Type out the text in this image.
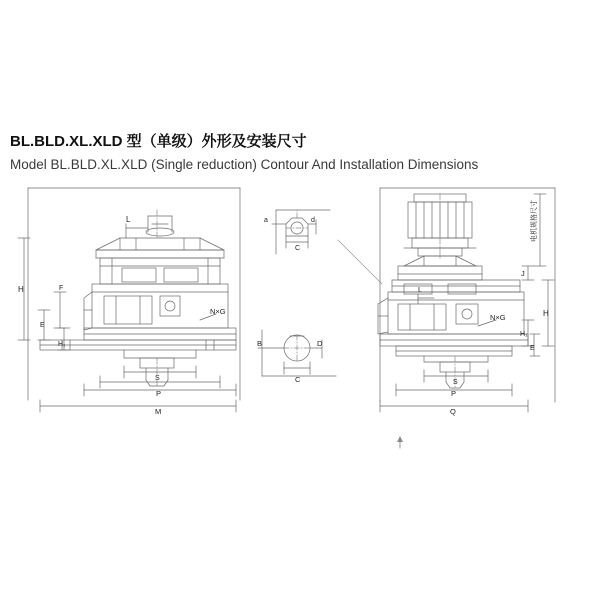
BL.BLD.XL.XLD 型（单级）外形及安装尺寸
Model BL.BLD.XL.XLD (Single reduction) Contour And Installation Dimensions
L
H	F
E
H₁
N×G
S
P
M
a	d
C
B	D
C
电机规格尺寸
J
H
H₁
L
N×G
S
P
Q
E
